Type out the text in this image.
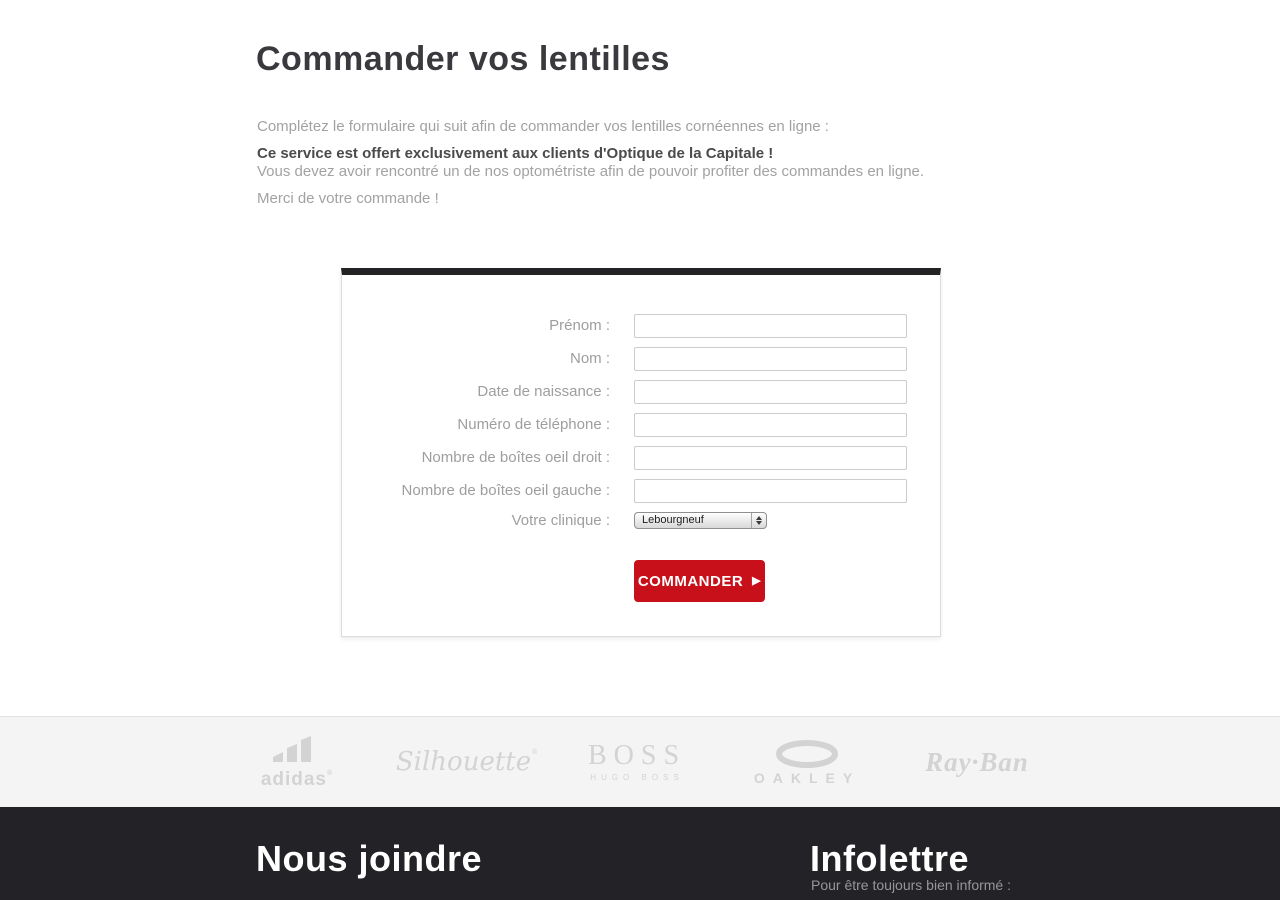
Commander vos lentilles

Complétez le formulaire qui suit afin de commander vos lentilles cornéennes en ligne :

Ce service est offert exclusivement aux clients d'Optique de la Capitale !

Vous devez avoir rencontré un de nos optométriste afin de pouvoir profiter des commandes en ligne.

Merci de votre commande !

Prénom :
Nom :
Date de naissance :
Numéro de téléphone :
Nombre de boîtes oeil droit :
Nombre de boîtes oeil gauche :
Votre clinique :	Lebourgneuf
COMMANDER ▶
adidas® Silhouette® BOSS
HUGO BOSS	OAKLEY
Ray·Ban
Nous joindre	Infolettre
Pour être toujours bien informé :
